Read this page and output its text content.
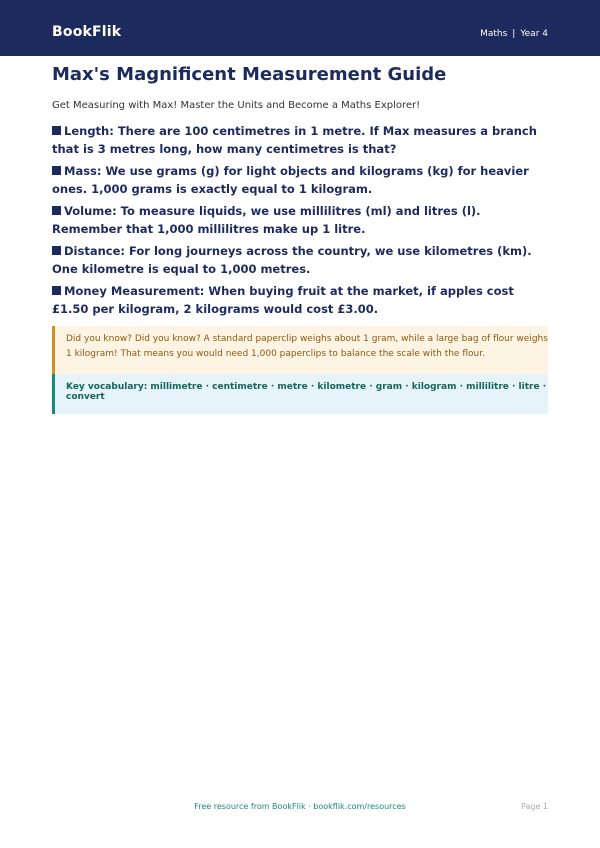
BookFlik	Maths | Year 4
Max's Magnificent Measurement Guide

Get Measuring with Max! Master the Units and Become a Maths Explorer!

Length: There are 100 centimetres in 1 metre. If Max measures a branch that is 3 metres long, how many centimetres is that?
Mass: We use grams (g) for light objects and kilograms (kg) for heavier ones. 1,000 grams is exactly equal to 1 kilogram.
Volume: To measure liquids, we use millilitres (ml) and litres (l). Remember that 1,000 millilitres make up 1 litre.
Distance: For long journeys across the country, we use kilometres (km). One kilometre is equal to 1,000 metres.
Money Measurement: When buying fruit at the market, if apples cost £1.50 per kilogram, 2 kilograms would cost £3.00.
Did you know? Did you know? A standard paperclip weighs about 1 gram, while a large bag of flour weighs 1 kilogram! That means you would need 1,000 paperclips to balance the scale with the flour.
Key vocabulary: millimetre · centimetre · metre · kilometre · gram · kilogram · millilitre · litre · convert
Free resource from BookFlik · bookflik.com/resources	Page 1
